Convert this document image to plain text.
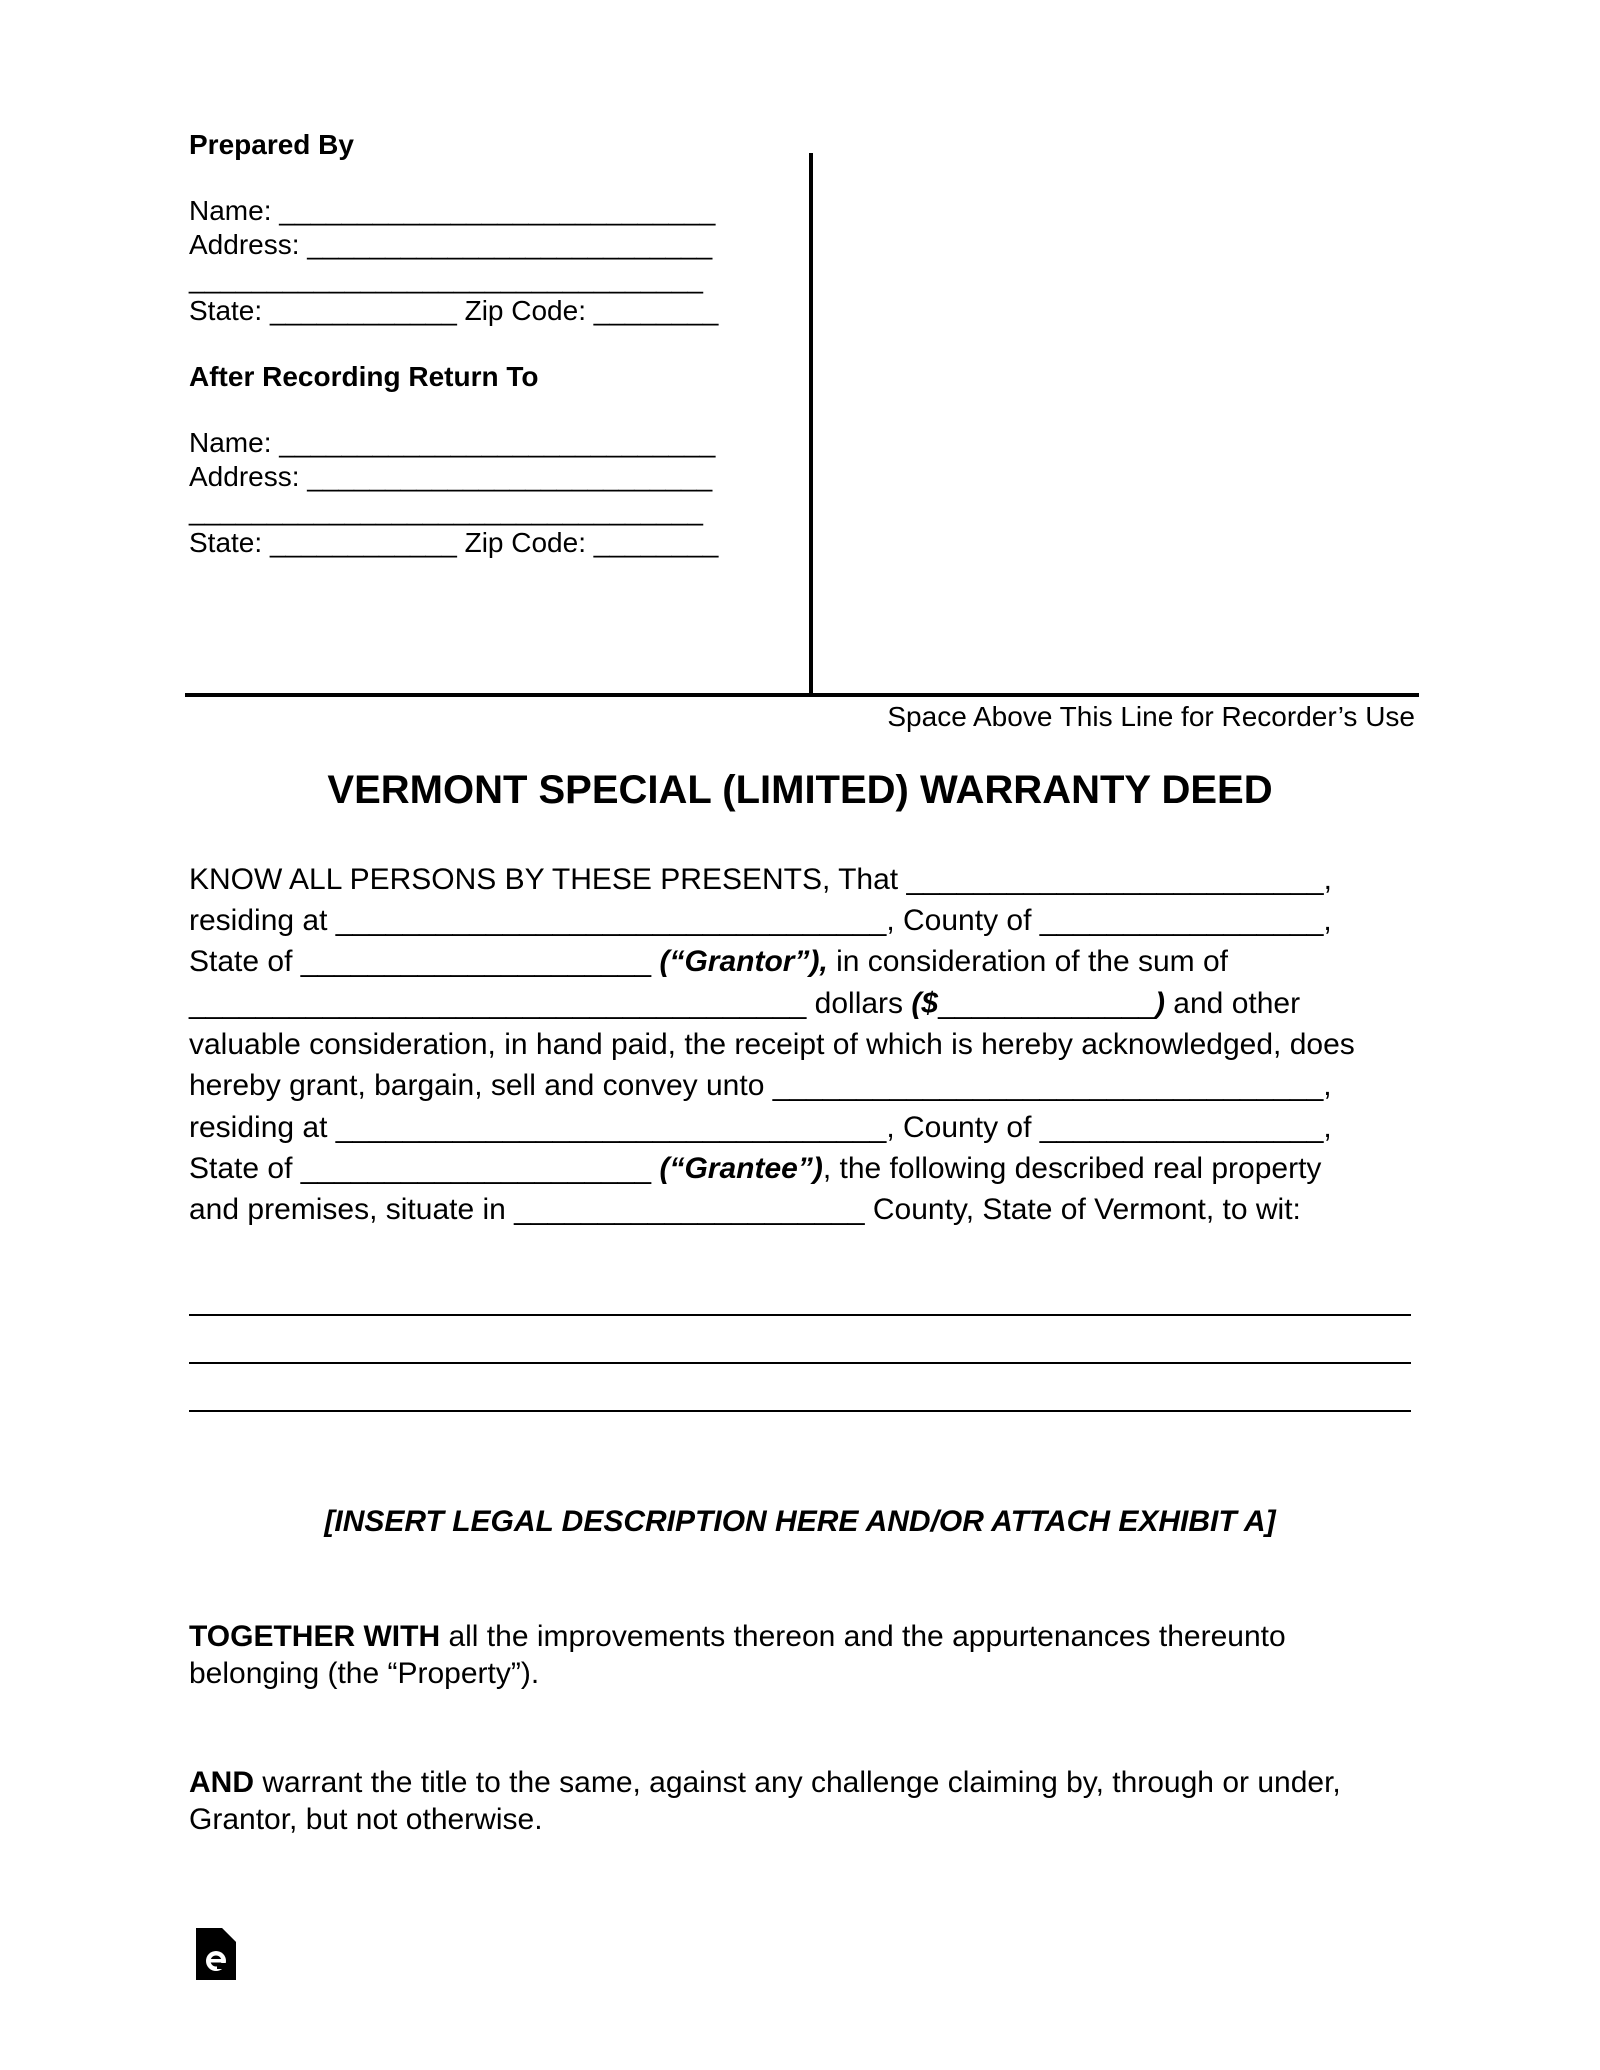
Prepared By
Name: ____________________________
Address: __________________________
_________________________________
State: ____________ Zip Code: ________
After Recording Return To
Name: ____________________________
Address: __________________________
_________________________________
State: ____________ Zip Code: ________
Space Above This Line for Recorder’s Use
VERMONT SPECIAL (LIMITED) WARRANTY DEED
KNOW ALL PERSONS BY THESE PRESENTS, That _________________________,
residing at _________________________________, County of _________________,
State of _____________________ (“Grantor”), in consideration of the sum of
_____________________________________ dollars ($_____________) and other
valuable consideration, in hand paid, the receipt of which is hereby acknowledged, does
hereby grant, bargain, sell and convey unto _________________________________,
residing at _________________________________, County of _________________,
State of _____________________ (“Grantee”), the following described real property
and premises, situate in _____________________ County, State of Vermont, to wit:
[INSERT LEGAL DESCRIPTION HERE AND/OR ATTACH EXHIBIT A]
TOGETHER WITH all the improvements thereon and the appurtenances thereunto belonging (the “Property”).
AND warrant the title to the same, against any challenge claiming by, through or under, Grantor, but not otherwise.
